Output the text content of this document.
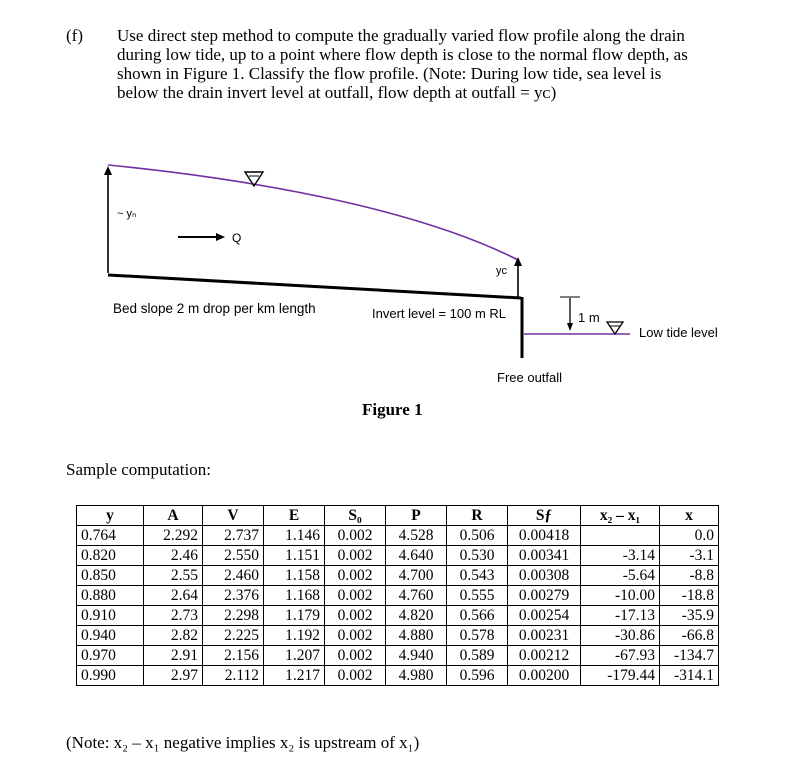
(f) Use direct step method to compute the gradually varied flow profile along the drain
during low tide, up to a point where flow depth is close to the normal flow depth, as
shown in Figure 1. Classify the flow profile. (Note: During low tide, sea level is
below the drain invert level at outfall, flow depth at outfall = yᴄ)
~ yₙ
Q
yᴄ
Bed slope 2 m drop per km length	Invert level = 100 m RL	1 m
Low tide level
Free outfall
Figure 1
Sample computation:
y	A	V	E	S₀	P	R	Sƒ	x₂ – x₁	x
0.764	2.292	2.737	1.146	0.002	4.528	0.506	0.00418		0.0
0.820	2.46	2.550	1.151	0.002	4.640	0.530	0.00341	-3.14	-3.1
0.850	2.55	2.460	1.158	0.002	4.700	0.543	0.00308	-5.64	-8.8
0.880	2.64	2.376	1.168	0.002	4.760	0.555	0.00279	-10.00	-18.8
0.910	2.73	2.298	1.179	0.002	4.820	0.566	0.00254	-17.13	-35.9
0.940	2.82	2.225	1.192	0.002	4.880	0.578	0.00231	-30.86	-66.8
0.970	2.91	2.156	1.207	0.002	4.940	0.589	0.00212	-67.93	-134.7
0.990	2.97	2.112	1.217	0.002	4.980	0.596	0.00200	-179.44	-314.1
(Note: x₂ – x₁ negative implies x₂ is upstream of x₁)
